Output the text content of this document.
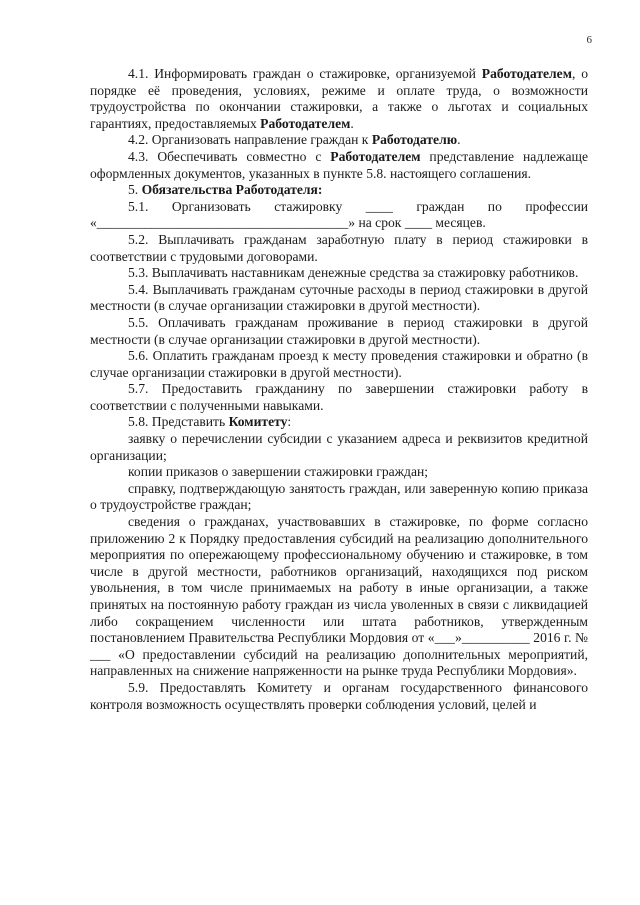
6

4.1. Информировать граждан о стажировке, организуемой Работодателем, о порядке её проведения, условиях, режиме и оплате труда, о возможности трудоустройства по окончании стажировки, а также о льготах и социальных гарантиях, предоставляемых Работодателем.

4.2. Организовать направление граждан к Работодателю.

4.3. Обеспечивать совместно с Работодателем представление надлежаще оформленных документов, указанных в пункте 5.8. настоящего соглашения.

5. Обязательства Работодателя:

5.1. Организовать стажировку ____ граждан по профессии «_____________________________________» на срок ____ месяцев.

5.2. Выплачивать гражданам заработную плату в период стажировки в соответствии с трудовыми договорами.

5.3. Выплачивать наставникам денежные средства за стажировку работников.

5.4. Выплачивать гражданам суточные расходы в период стажировки в другой местности (в случае организации стажировки в другой местности).

5.5. Оплачивать гражданам проживание в период стажировки в другой местности (в случае организации стажировки в другой местности).

5.6. Оплатить гражданам проезд к месту проведения стажировки и обратно (в случае организации стажировки в другой местности).

5.7. Предоставить гражданину по завершении стажировки работу в соответствии с полученными навыками.

5.8. Представить Комитету:

заявку о перечислении субсидии с указанием адреса и реквизитов кредитной организации;

копии приказов о завершении стажировки граждан;

справку, подтверждающую занятость граждан, или заверенную копию приказа о трудоустройстве граждан;

сведения о гражданах, участвовавших в стажировке, по форме согласно приложению 2 к Порядку предоставления субсидий на реализацию дополнительного мероприятия по опережающему профессиональному обучению и стажировке, в том числе в другой местности, работников организаций, находящихся под риском увольнения, в том числе принимаемых на работу в иные организации, а также принятых на постоянную работу граждан из числа уволенных в связи с ликвидацией либо сокращением численности или штата работников, утвержденным постановлением Правительства Республики Мордовия от «___»__________ 2016 г. № ___ «О предоставлении субсидий на реализацию дополнительных мероприятий, направленных на снижение напряженности на рынке труда Республики Мордовия».

5.9. Предоставлять Комитету и органам государственного финансового контроля возможность осуществлять проверки соблюдения условий, целей и
